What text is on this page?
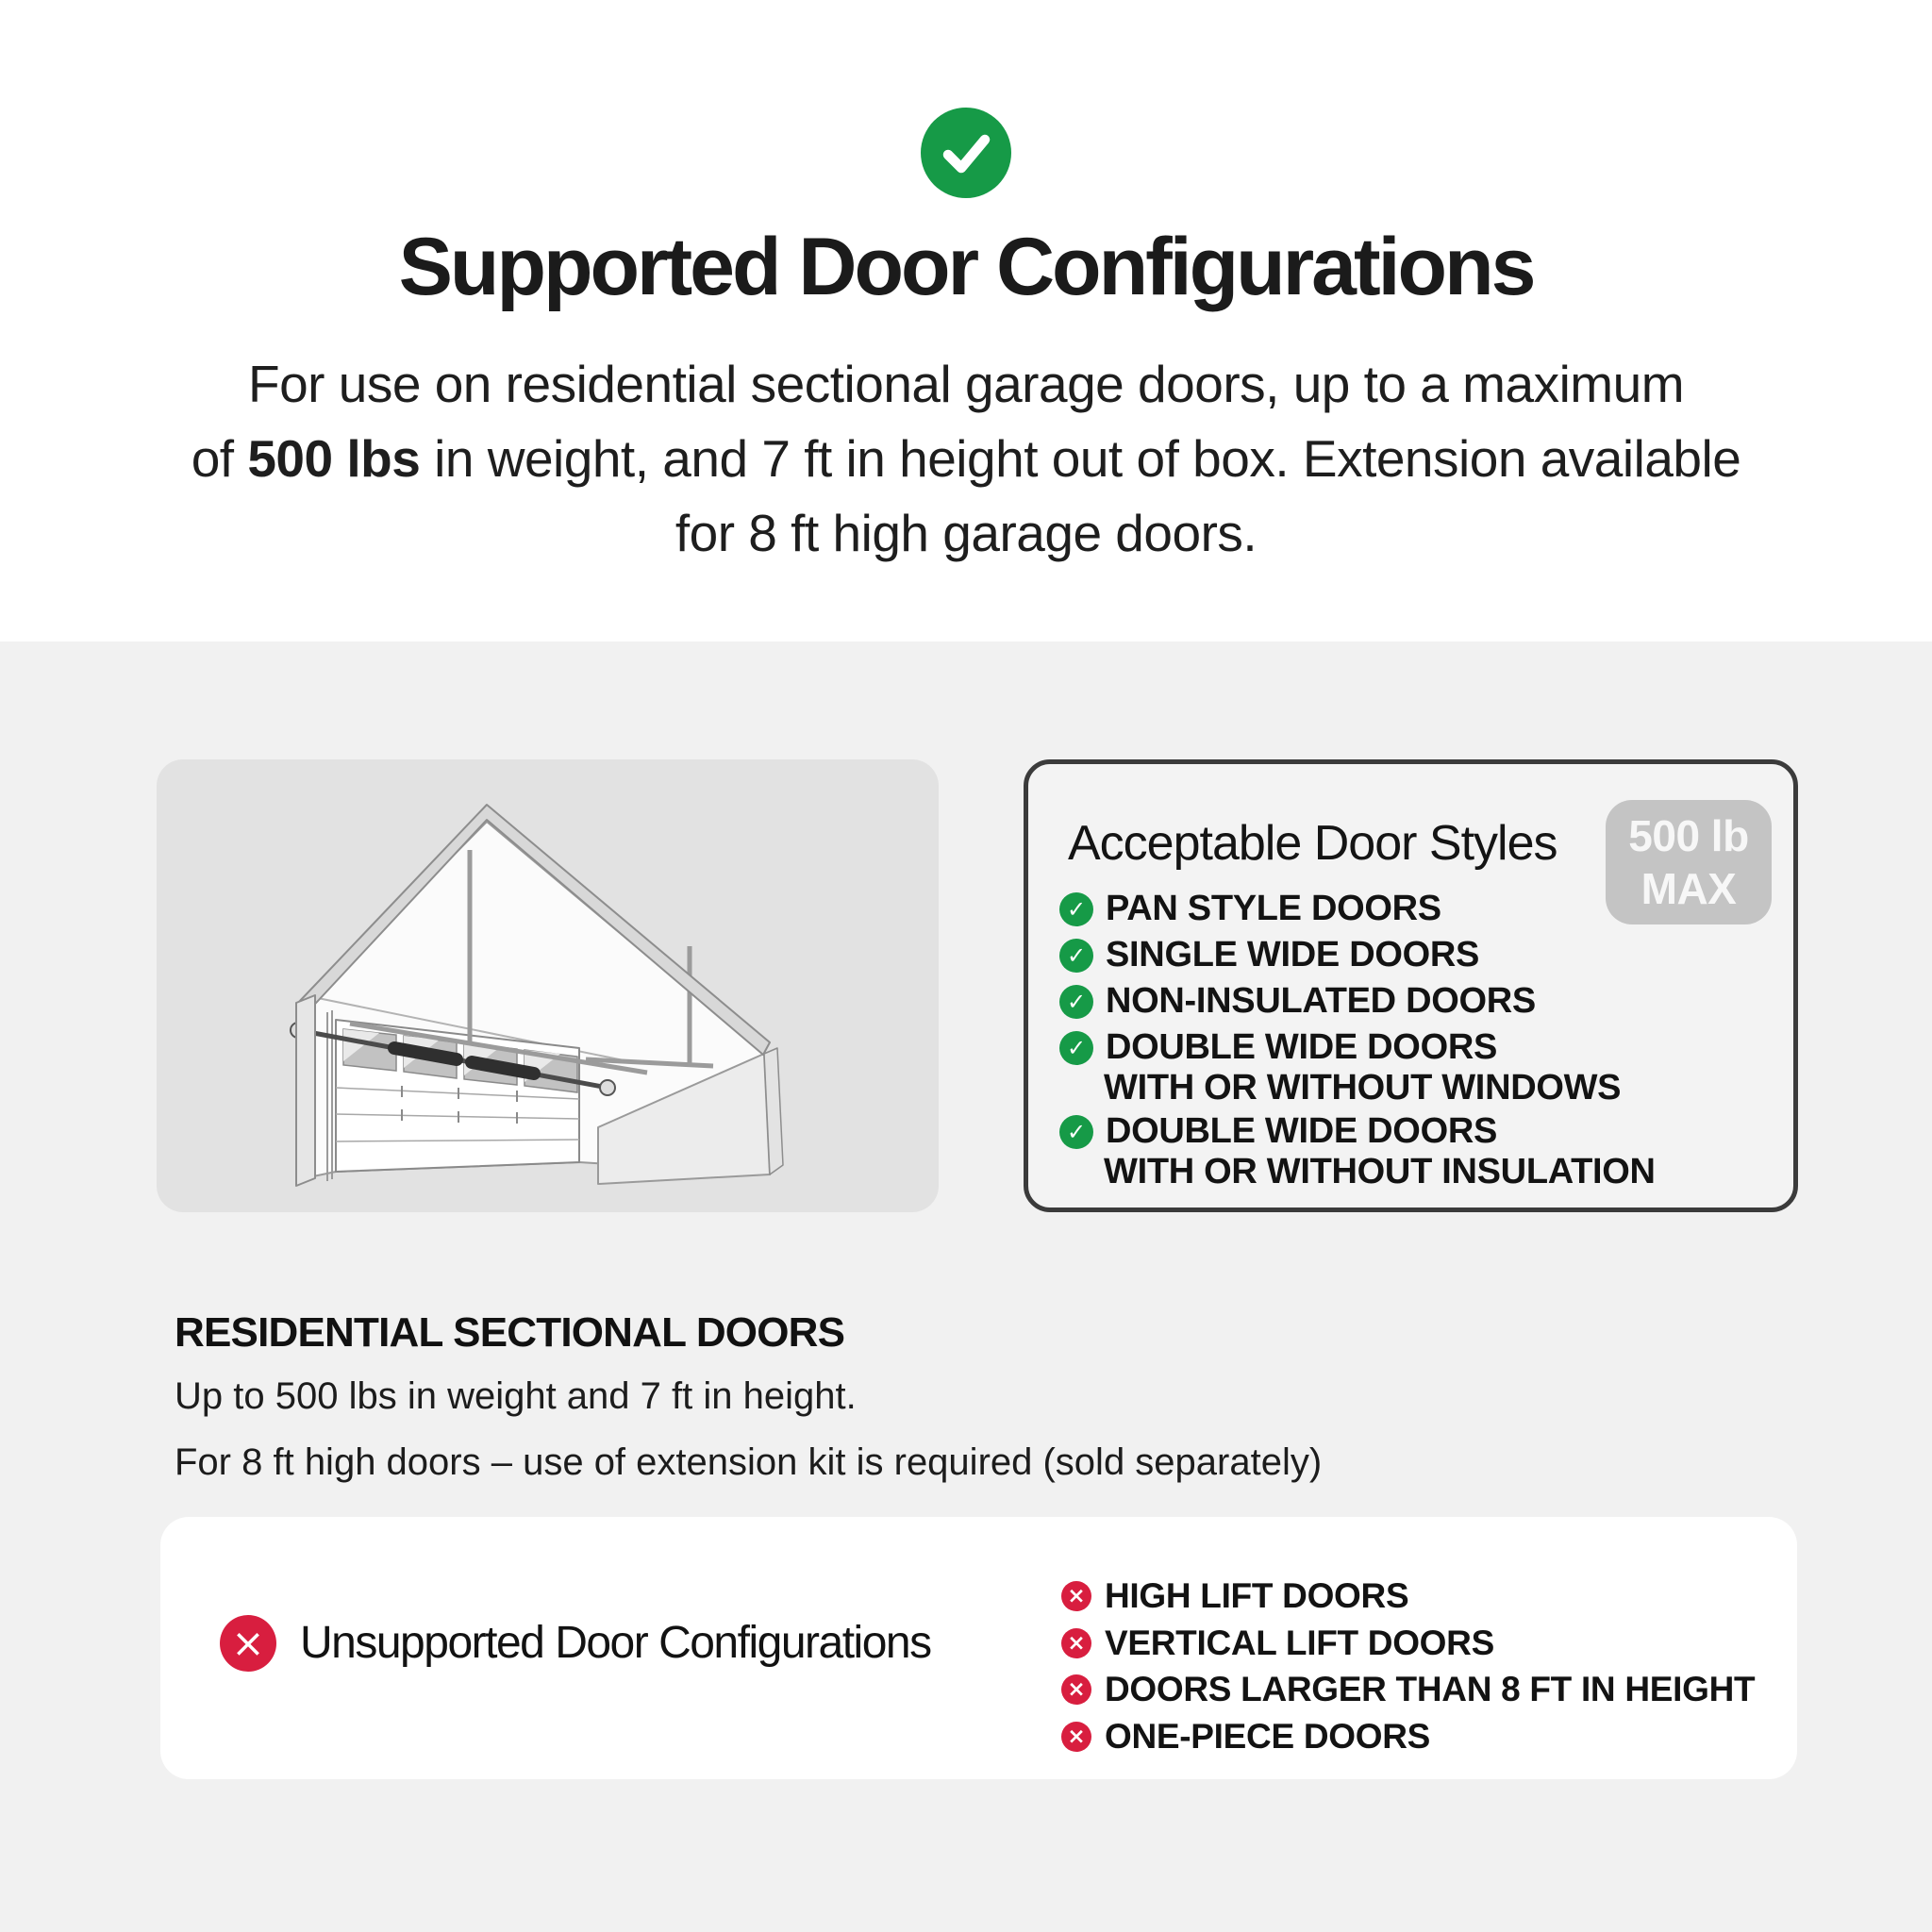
Supported Door Configurations
For use on residential sectional garage doors, up to a maximum
of 500 lbs in weight, and 7 ft in height out of box. Extension available
for 8 ft high garage doors.
Acceptable Door Styles	500 lb
MAX
✓ PAN STYLE DOORS
✓ SINGLE WIDE DOORS
✓ NON-INSULATED DOORS
✓ DOUBLE WIDE DOORS
WITH OR WITHOUT WINDOWS
✓ DOUBLE WIDE DOORS
WITH OR WITHOUT INSULATION
RESIDENTIAL SECTIONAL DOORS
Up to 500 lbs in weight and 7 ft in height.
For 8 ft high doors – use of extension kit is required (sold separately)
× Unsupported Door Configurations
× HIGH LIFT DOORS
× VERTICAL LIFT DOORS
× DOORS LARGER THAN 8 FT IN HEIGHT
× ONE-PIECE DOORS
